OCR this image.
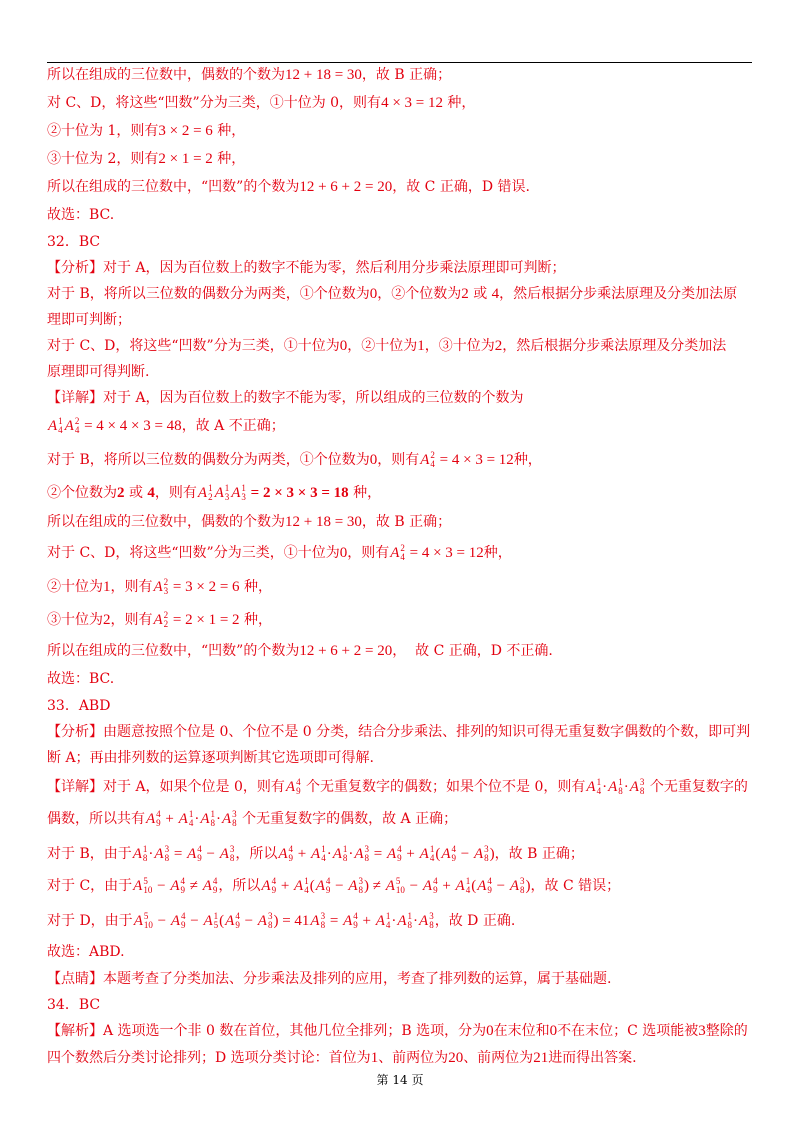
所以在组成的三位数中，偶数的个数为12 + 18 = 30，故 B 正确；
对 C、D，将这些“凹数”分为三类，①十位为 0，则有4 × 3 = 12 种，
②十位为 1，则有3 × 2 = 6 种，
③十位为 2，则有2 × 1 = 2 种，
所以在组成的三位数中，“凹数”的个数为12 + 6 + 2 = 20，故 C 正确，D 错误.
故选：BC.
32．BC
【分析】对于 A，因为百位数上的数字不能为零，然后利用分步乘法原理即可判断；
对于 B，将所以三位数的偶数分为两类，①个位数为0，②个位数为2 或 4，然后根据分步乘法原理及分类加法原
理即可判断；
对于 C、D，将这些“凹数”分为三类，①十位为0，②十位为1，③十位为2，然后根据分步乘法原理及分类加法
原理即可得判断.
【详解】对于 A，因为百位数上的数字不能为零，所以组成的三位数的个数为
A 1
4 A 2
4 = 4 × 4 × 3 = 48，故 A 不正确；
对于 B，将所以三位数的偶数分为两类，①个位数为0，则有A 2
4 = 4 × 3 = 12种，
②个位数为2 或 4，则有A 1
2 A 1
3 A 1
3 = 2 × 3 × 3 = 18 种，
所以在组成的三位数中，偶数的个数为12 + 18 = 30，故 B 正确；
对于 C、D，将这些“凹数”分为三类，①十位为0，则有A 2
4 = 4 × 3 = 12种，
②十位为1，则有A 2
3 = 3 × 2 = 6 种，
③十位为2，则有A 2
2 = 2 × 1 = 2 种，
所以在组成的三位数中，“凹数”的个数为12 + 6 + 2 = 20，  故 C 正确，D 不正确.
故选：BC.
33．ABD
【分析】由题意按照个位是 0、个位不是 0 分类，结合分步乘法、排列的知识可得无重复数字偶数的个数，即可判
断 A；再由排列数的运算逐项判断其它选项即可得解.
【详解】对于 A，如果个位是 0，则有A 4
9 个无重复数字的偶数；如果个位不是 0，则有A 1
4 ·A 1
8 ·A 3
8 个无重复数字的
偶数，所以共有A 4
9 + A 1
4 ·A 1
8 ·A 3
8 个无重复数字的偶数，故 A 正确；
对于 B，由于A 1
8 ·A 3
8 = A 4
9 − A 3
8 ，所以A 4
9 + A 1
4 ·A 1
8 ·A 3
8 = A 4
9 + A 1
4 (A 4
9 − A 3
8 )，故 B 正确；
对于 C，由于A 5
10 − A 4
9 ≠ A 4
9 ，所以A 4
9 + A 1
4 (A 4
9 − A 3
8 ) ≠ A 5
10 − A 4
9 + A 1
4 (A 4
9 − A 3
8 )，故 C 错误；
对于 D，由于A 5
10 − A 4
9 − A 1
5 (A 4
9 − A 3
8 ) = 41A 3
8 = A 4
9 + A 1
4 ·A 1
8 ·A 3
8 ，故 D 正确.
故选：ABD.
【点睛】本题考查了分类加法、分步乘法及排列的应用，考查了排列数的运算，属于基础题.
34．BC
【解析】A 选项选一个非 0 数在首位，其他几位全排列；B 选项，分为0在末位和0不在末位；C 选项能被3整除的
四个数然后分类讨论排列；D 选项分类讨论：首位为1、前两位为20、前两位为21进而得出答案.
第 14 页
